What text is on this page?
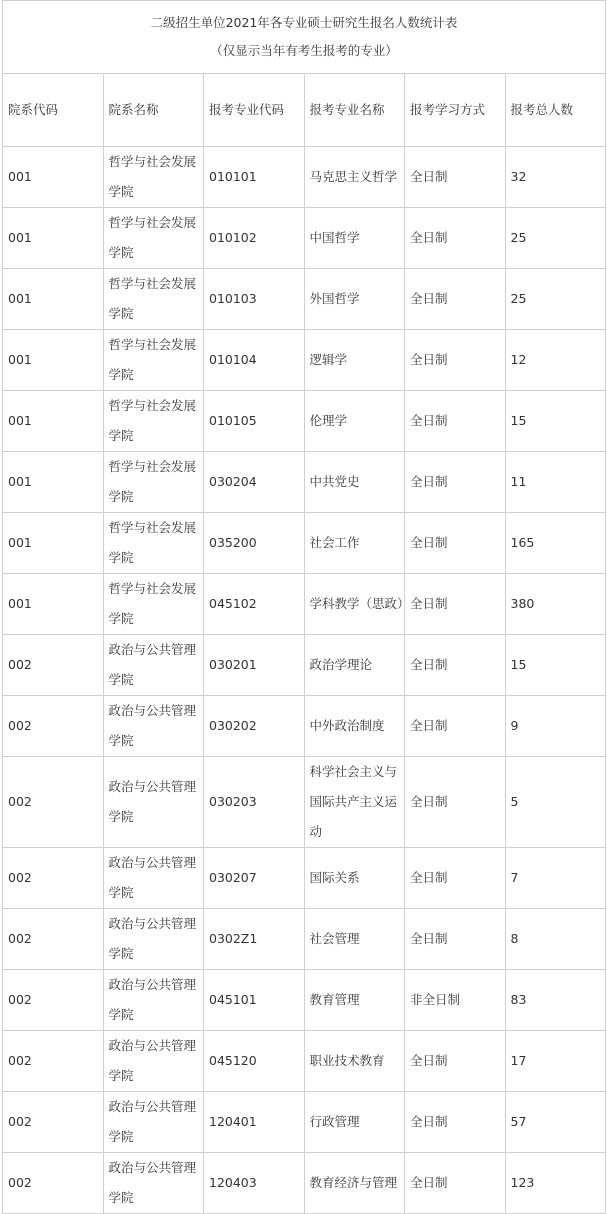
二级招生单位2021年各专业硕士研究生报名人数统计表
（仅显示当年有考生报考的专业）					

院系代码	院系名称	报考专业代码	报考专业名称	报考学习方式	报考总人数
001	哲学与社会发展学院	010101	马克思主义哲学	全日制	32
001	哲学与社会发展学院	010102	中国哲学	全日制	25
001	哲学与社会发展学院	010103	外国哲学	全日制	25
001	哲学与社会发展学院	010104	逻辑学	全日制	12
001	哲学与社会发展学院	010105	伦理学	全日制	15
001	哲学与社会发展学院	030204	中共党史	全日制	11
001	哲学与社会发展学院	035200	社会工作	全日制	165
001	哲学与社会发展学院	045102	学科教学（思政）	全日制	380
002	政治与公共管理学院	030201	政治学理论	全日制	15
002	政治与公共管理学院	030202	中外政治制度	全日制	9
002	政治与公共管理学院	030203	科学社会主义与国际共产主义运动	全日制	5
002	政治与公共管理学院	030207	国际关系	全日制	7
002	政治与公共管理学院	0302Z1	社会管理	全日制	8
002	政治与公共管理学院	045101	教育管理	非全日制	83
002	政治与公共管理学院	045120	职业技术教育	全日制	17
002	政治与公共管理学院	120401	行政管理	全日制	57
002	政治与公共管理学院	120403	教育经济与管理	全日制	123
